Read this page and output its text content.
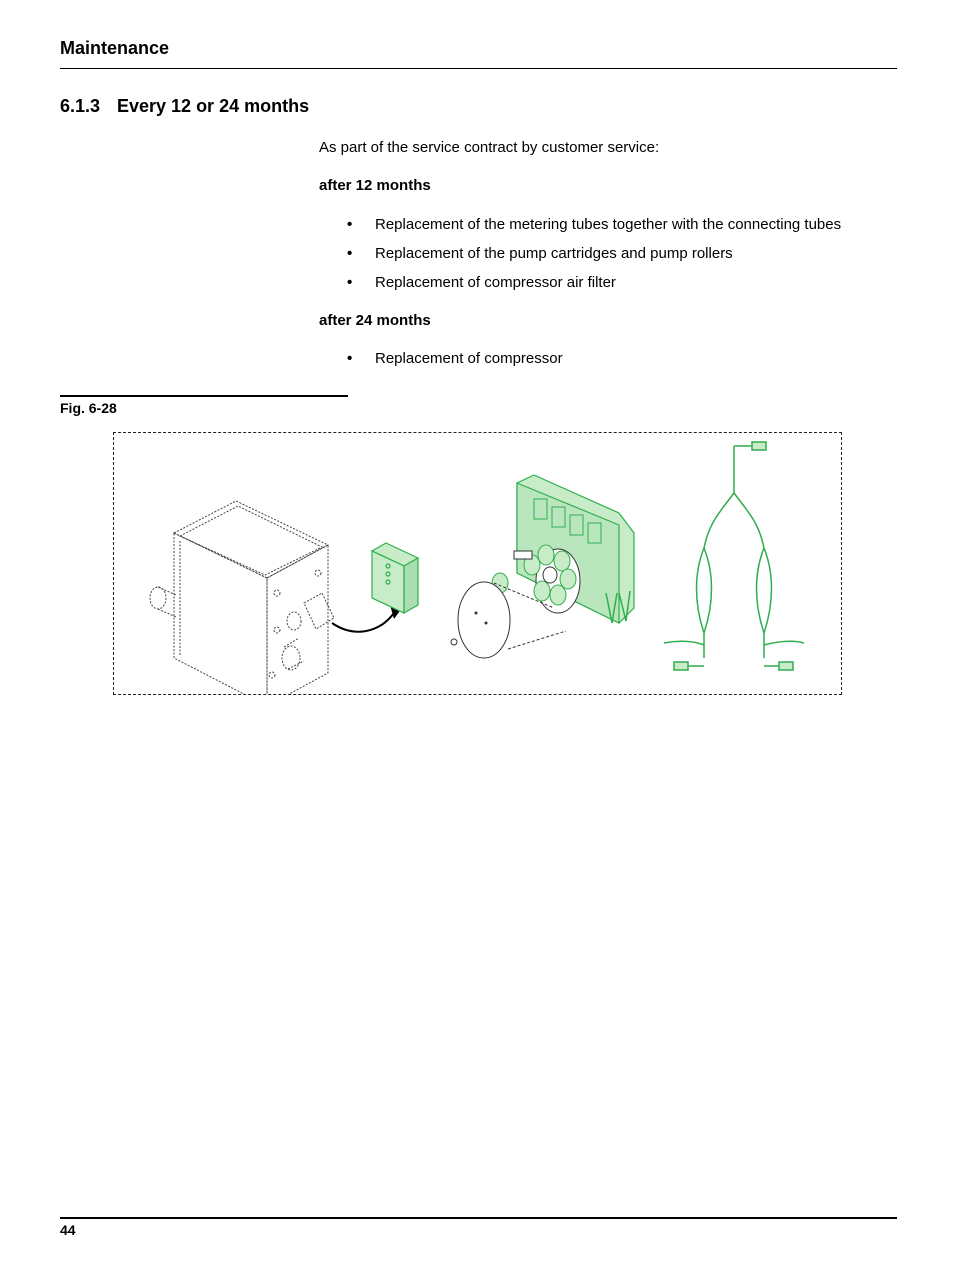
Maintenance
6.1.3 Every 12 or 24 months
As part of the service contract by customer service:
after 12 months
• Replacement of the metering tubes together with the connecting tubes
• Replacement of the pump cartridges and pump rollers
• Replacement of compressor air filter
after 24 months
• Replacement of compressor
Fig. 6-28
44
